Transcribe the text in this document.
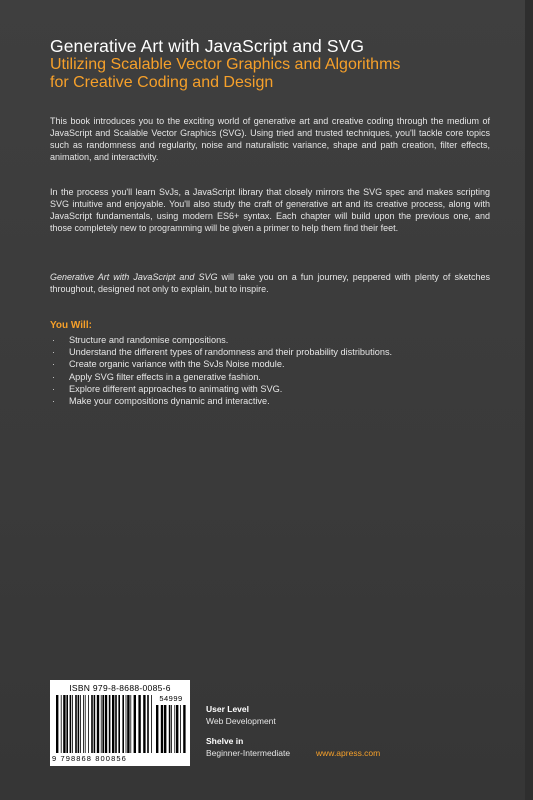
Generative Art with JavaScript and SVG
Utilizing Scalable Vector Graphics and Algorithms
for Creative Coding and Design
This book introduces you to the exciting world of generative art and creative coding through the medium of JavaScript and Scalable Vector Graphics (SVG). Using tried and trusted techniques, you'll tackle core topics such as randomness and regularity, noise and naturalistic variance, shape and path creation, filter effects, animation, and interactivity.
In the process you'll learn SvJs, a JavaScript library that closely mirrors the SVG spec and makes scripting SVG intuitive and enjoyable. You'll also study the craft of generative art and its creative process, along with JavaScript fundamentals, using modern ES6+ syntax. Each chapter will build upon the previous one, and those completely new to programming will be given a primer to help them find their feet.
Generative Art with JavaScript and SVG will take you on a fun journey, peppered with plenty of sketches throughout, designed not only to explain, but to inspire.
You Will:
· Structure and randomise compositions.
· Understand the different types of randomness and their probability distributions.
· Create organic variance with the SvJs Noise module.
· Apply SVG filter effects in a generative fashion.
· Explore different approaches to animating with SVG.
· Make your compositions dynamic and interactive.
ISBN 979-8-8688-0085-6
54999
9 798868 800856
User Level
Web Development
Shelve in
Beginner-Intermediate	www.apress.com
